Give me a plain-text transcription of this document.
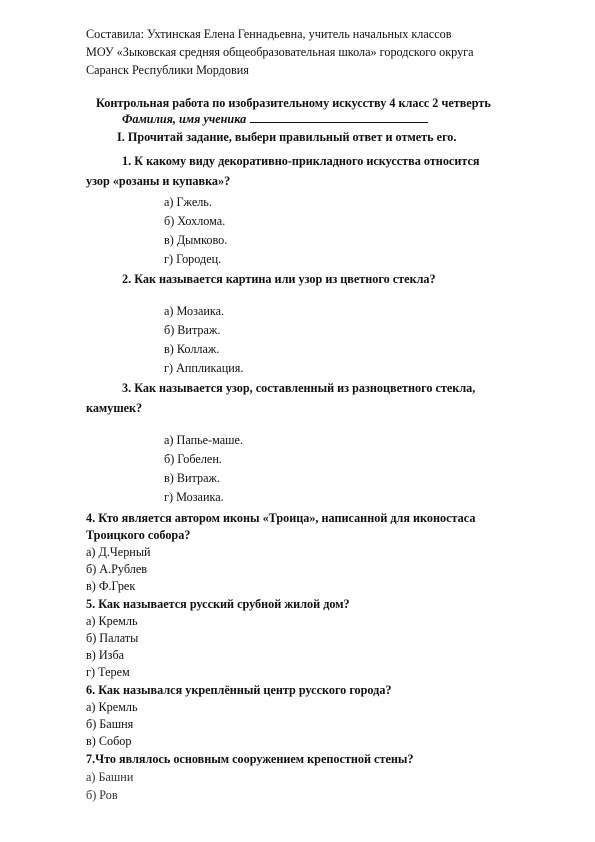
Составила: Ухтинская Елена Геннадьевна, учитель начальных классов
МОУ «Зыковская средняя общеобразовательная школа» городского округа
Саранск Республики Мордовия
Контрольная работа по изобразительному искусству 4 класс 2 четверть
Фамилия, имя ученика
I. Прочитай задание, выбери правильный ответ и отметь его.
1. К какому виду декоративно-прикладного искусства относится
узор «розаны и купавка»?
а) Гжель.
б) Хохлома.
в) Дымково.
г) Городец.
2. Как называется картина или узор из цветного стекла?
а) Мозаика.
б) Витраж.
в) Коллаж.
г) Аппликация.
3. Как называется узор, составленный из разноцветного стекла,
камушек?
а) Папье-маше.
б) Гобелен.
в) Витраж.
г) Мозаика.
4. Кто является автором иконы «Троица», написанной для иконостаса
Троицкого собора?
а) Д.Черный
б) А.Рублев
в) Ф.Грек
5. Как называется русский срубной жилой дом?
а) Кремль
б) Палаты
в) Изба
г) Терем
6. Как назывался укреплённый центр русского города?
а) Кремль
б) Башня
в) Собор
7.Что являлось основным сооружением крепостной стены?
а) Башни
б) Ров
